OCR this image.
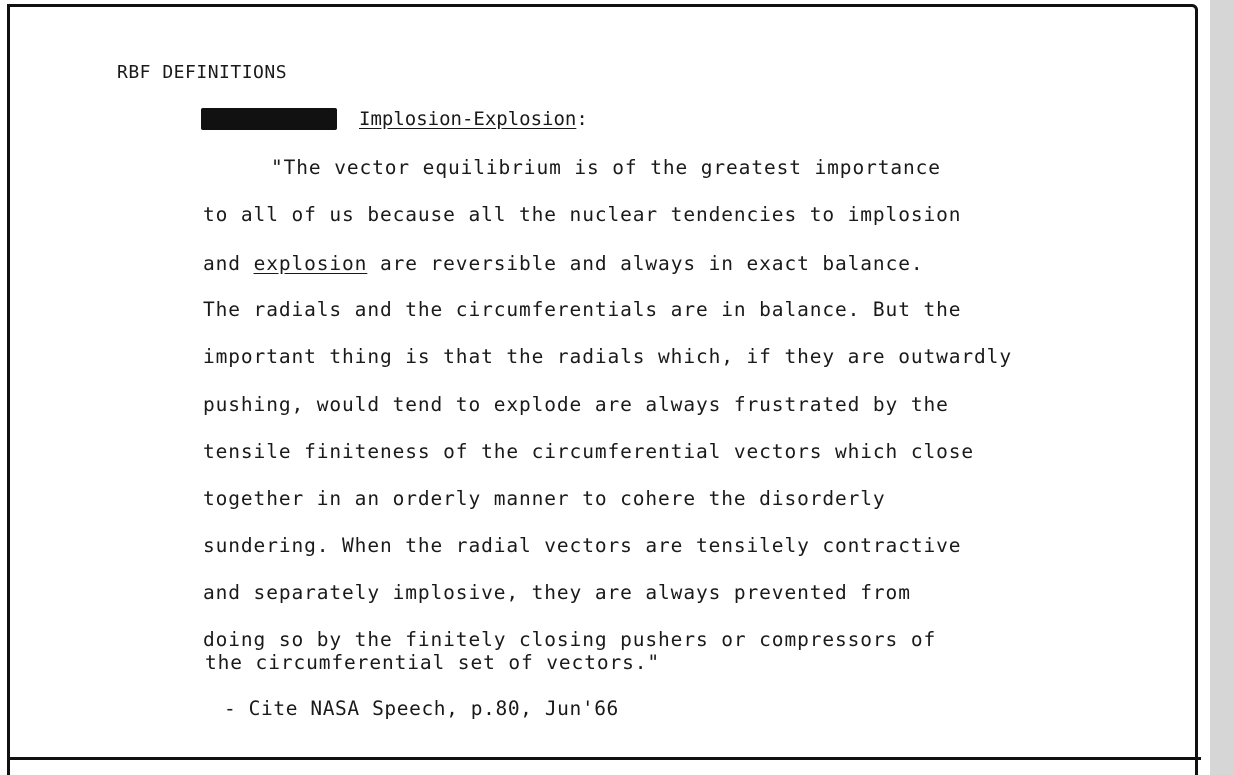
RBF DEFINITIONS
Implosion-Explosion :
"The vector equilibrium is of the greatest importance
to all of us because all the nuclear tendencies to implosion
and explosion are reversible and always in exact balance.
The radials and the circumferentials are in balance. But the
important thing is that the radials which, if they are outwardly
pushing, would tend to explode are always frustrated by the
tensile finiteness of the circumferential vectors which close
together in an orderly manner to cohere the disorderly
sundering. When the radial vectors are tensilely contractive
and separately implosive, they are always prevented from
doing so by the finitely closing pushers or compressors of
the circumferential set of vectors."
- Cite NASA Speech, p.80, Jun'66
